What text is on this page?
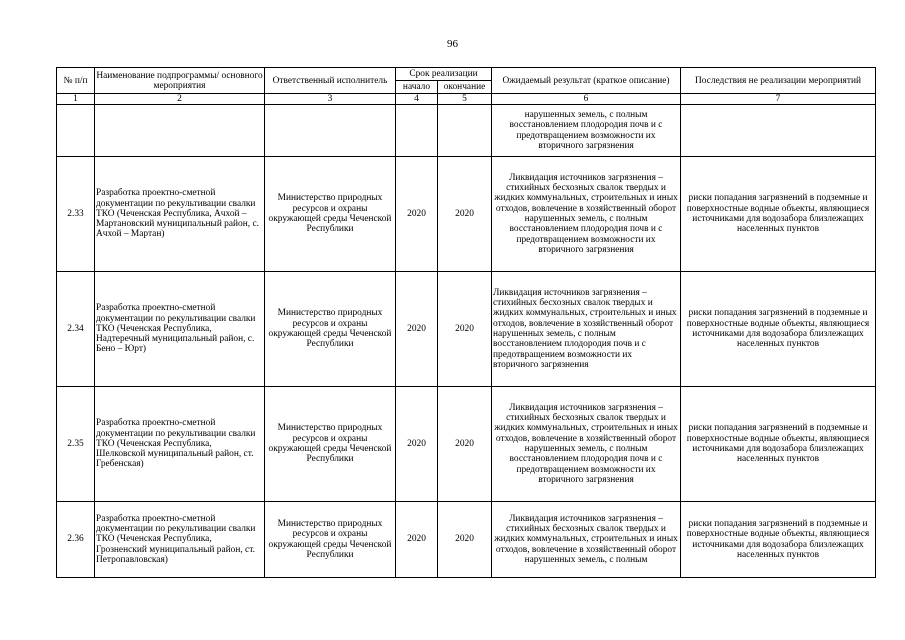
96
№ п/п	Наименование подпрограммы/ основного мероприятия	Ответственный исполнитель	Срок реализации		Ожидаемый результат (краткое описание)	Последствия не реализации мероприятий
			начало	окончание		
1	2	3	4	5	6	7
					нарушенных земель, с полным восстановлением плодородия почв и с предотвращением возможности их вторичного загрязнения	
2.33	Разработка проектно-сметной документации по рекультивации свалки ТКО (Чеченская Республика, Ачхой – Мартановский муниципальный район, с. Ачхой – Мартан)	Министерство природных ресурсов и охраны окружающей среды Чеченской Республики	2020	2020	Ликвидация источников загрязнения –стихийных бесхозных свалок твердых и жидких коммунальных, строительных и иных отходов, вовлечение в хозяйственный оборот нарушенных земель, с полным восстановлением плодородия почв и с предотвращением возможности их вторичного загрязнения	риски попадания загрязнений в подземные и поверхностные водные объекты, являющиеся источниками для водозабора близлежащих населенных пунктов
2.34	Разработка проектно-сметной документации по рекультивации свалки ТКО (Чеченская Республика, Надтеречный муниципальный район, с. Бено – Юрт)	Министерство природных ресурсов и охраны окружающей среды Чеченской Республики	2020	2020	Ликвидация источников загрязнения –стихийных бесхозных свалок твердых и жидких коммунальных, строительных и иных отходов, вовлечение в хозяйственный оборот нарушенных земель, с полным восстановлением плодородия почв и с предотвращением возможности их вторичного загрязнения	риски попадания загрязнений в подземные и поверхностные водные объекты, являющиеся источниками для водозабора близлежащих населенных пунктов
2.35	Разработка проектно-сметной документации по рекультивации свалки ТКО (Чеченская Республика, Шелковской муниципальный район, ст. Гребенская)	Министерство природных ресурсов и охраны окружающей среды Чеченской Республики	2020	2020	Ликвидация источников загрязнения – стихийных бесхозных свалок твердых и жидких коммунальных, строительных и иных отходов, вовлечение в хозяйственный оборот нарушенных земель, с полным восстановлением плодородия почв и с предотвращением возможности их вторичного загрязнения	риски попадания загрязнений в подземные и поверхностные водные объекты, являющиеся источниками для водозабора близлежащих населенных пунктов
2.36	Разработка проектно-сметной документации по рекультивации свалки ТКО (Чеченская Республика, Грозненский муниципальный район, ст. Петропавловская)	Министерство природных ресурсов и охраны окружающей среды Чеченской Республики	2020	2020	Ликвидация источников загрязнения –стихийных бесхозных свалок твердых и жидких коммунальных, строительных и иных отходов, вовлечение в хозяйственный оборот нарушенных земель, с полным	риски попадания загрязнений в подземные и поверхностные водные объекты, являющиеся источниками для водозабора близлежащих населенных пунктов
